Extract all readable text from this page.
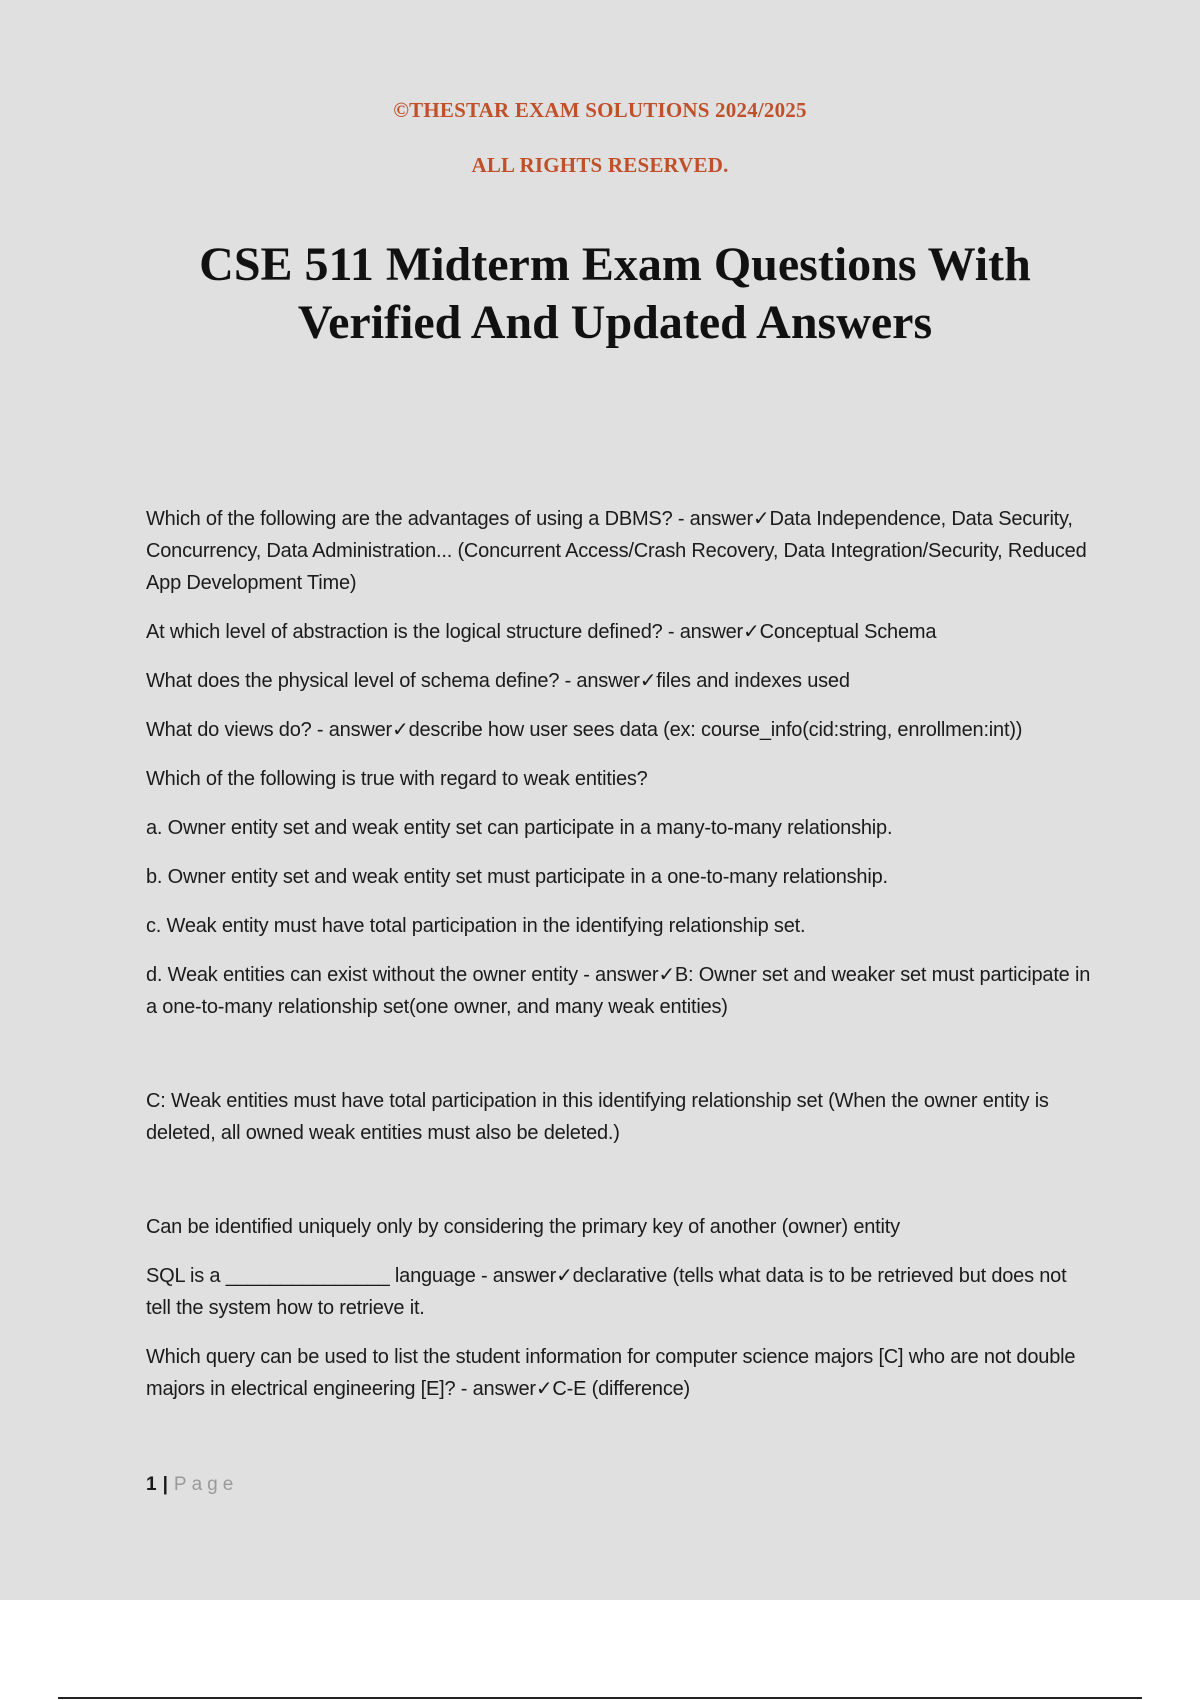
©THESTAR EXAM SOLUTIONS 2024/2025
ALL RIGHTS RESERVED.
CSE 511 Midterm Exam Questions With
Verified And Updated Answers

Which of the following are the advantages of using a DBMS? - answer✓Data Independence, Data Security, Concurrency, Data Administration... (Concurrent Access/Crash Recovery, Data Integration/Security, Reduced App Development Time)

At which level of abstraction is the logical structure defined? - answer✓Conceptual Schema

What does the physical level of schema define? - answer✓files and indexes used

What do views do? - answer✓describe how user sees data (ex: course_info(cid:string, enrollmen:int))

Which of the following is true with regard to weak entities?

a. Owner entity set and weak entity set can participate in a many-to-many relationship.

b. Owner entity set and weak entity set must participate in a one-to-many relationship.

c. Weak entity must have total participation in the identifying relationship set.

d. Weak entities can exist without the owner entity - answer✓B: Owner set and weaker set must participate in a one-to-many relationship set(one owner, and many weak entities)

C: Weak entities must have total participation in this identifying relationship set (When the owner entity is deleted, all owned weak entities must also be deleted.)

Can be identified uniquely only by considering the primary key of another (owner) entity

SQL is a _______________ language - answer✓declarative (tells what data is to be retrieved but does not tell the system how to retrieve it.

Which query can be used to list the student information for computer science majors [C] who are not double majors in electrical engineering [E]? - answer✓C-E (difference)

1 | Page
